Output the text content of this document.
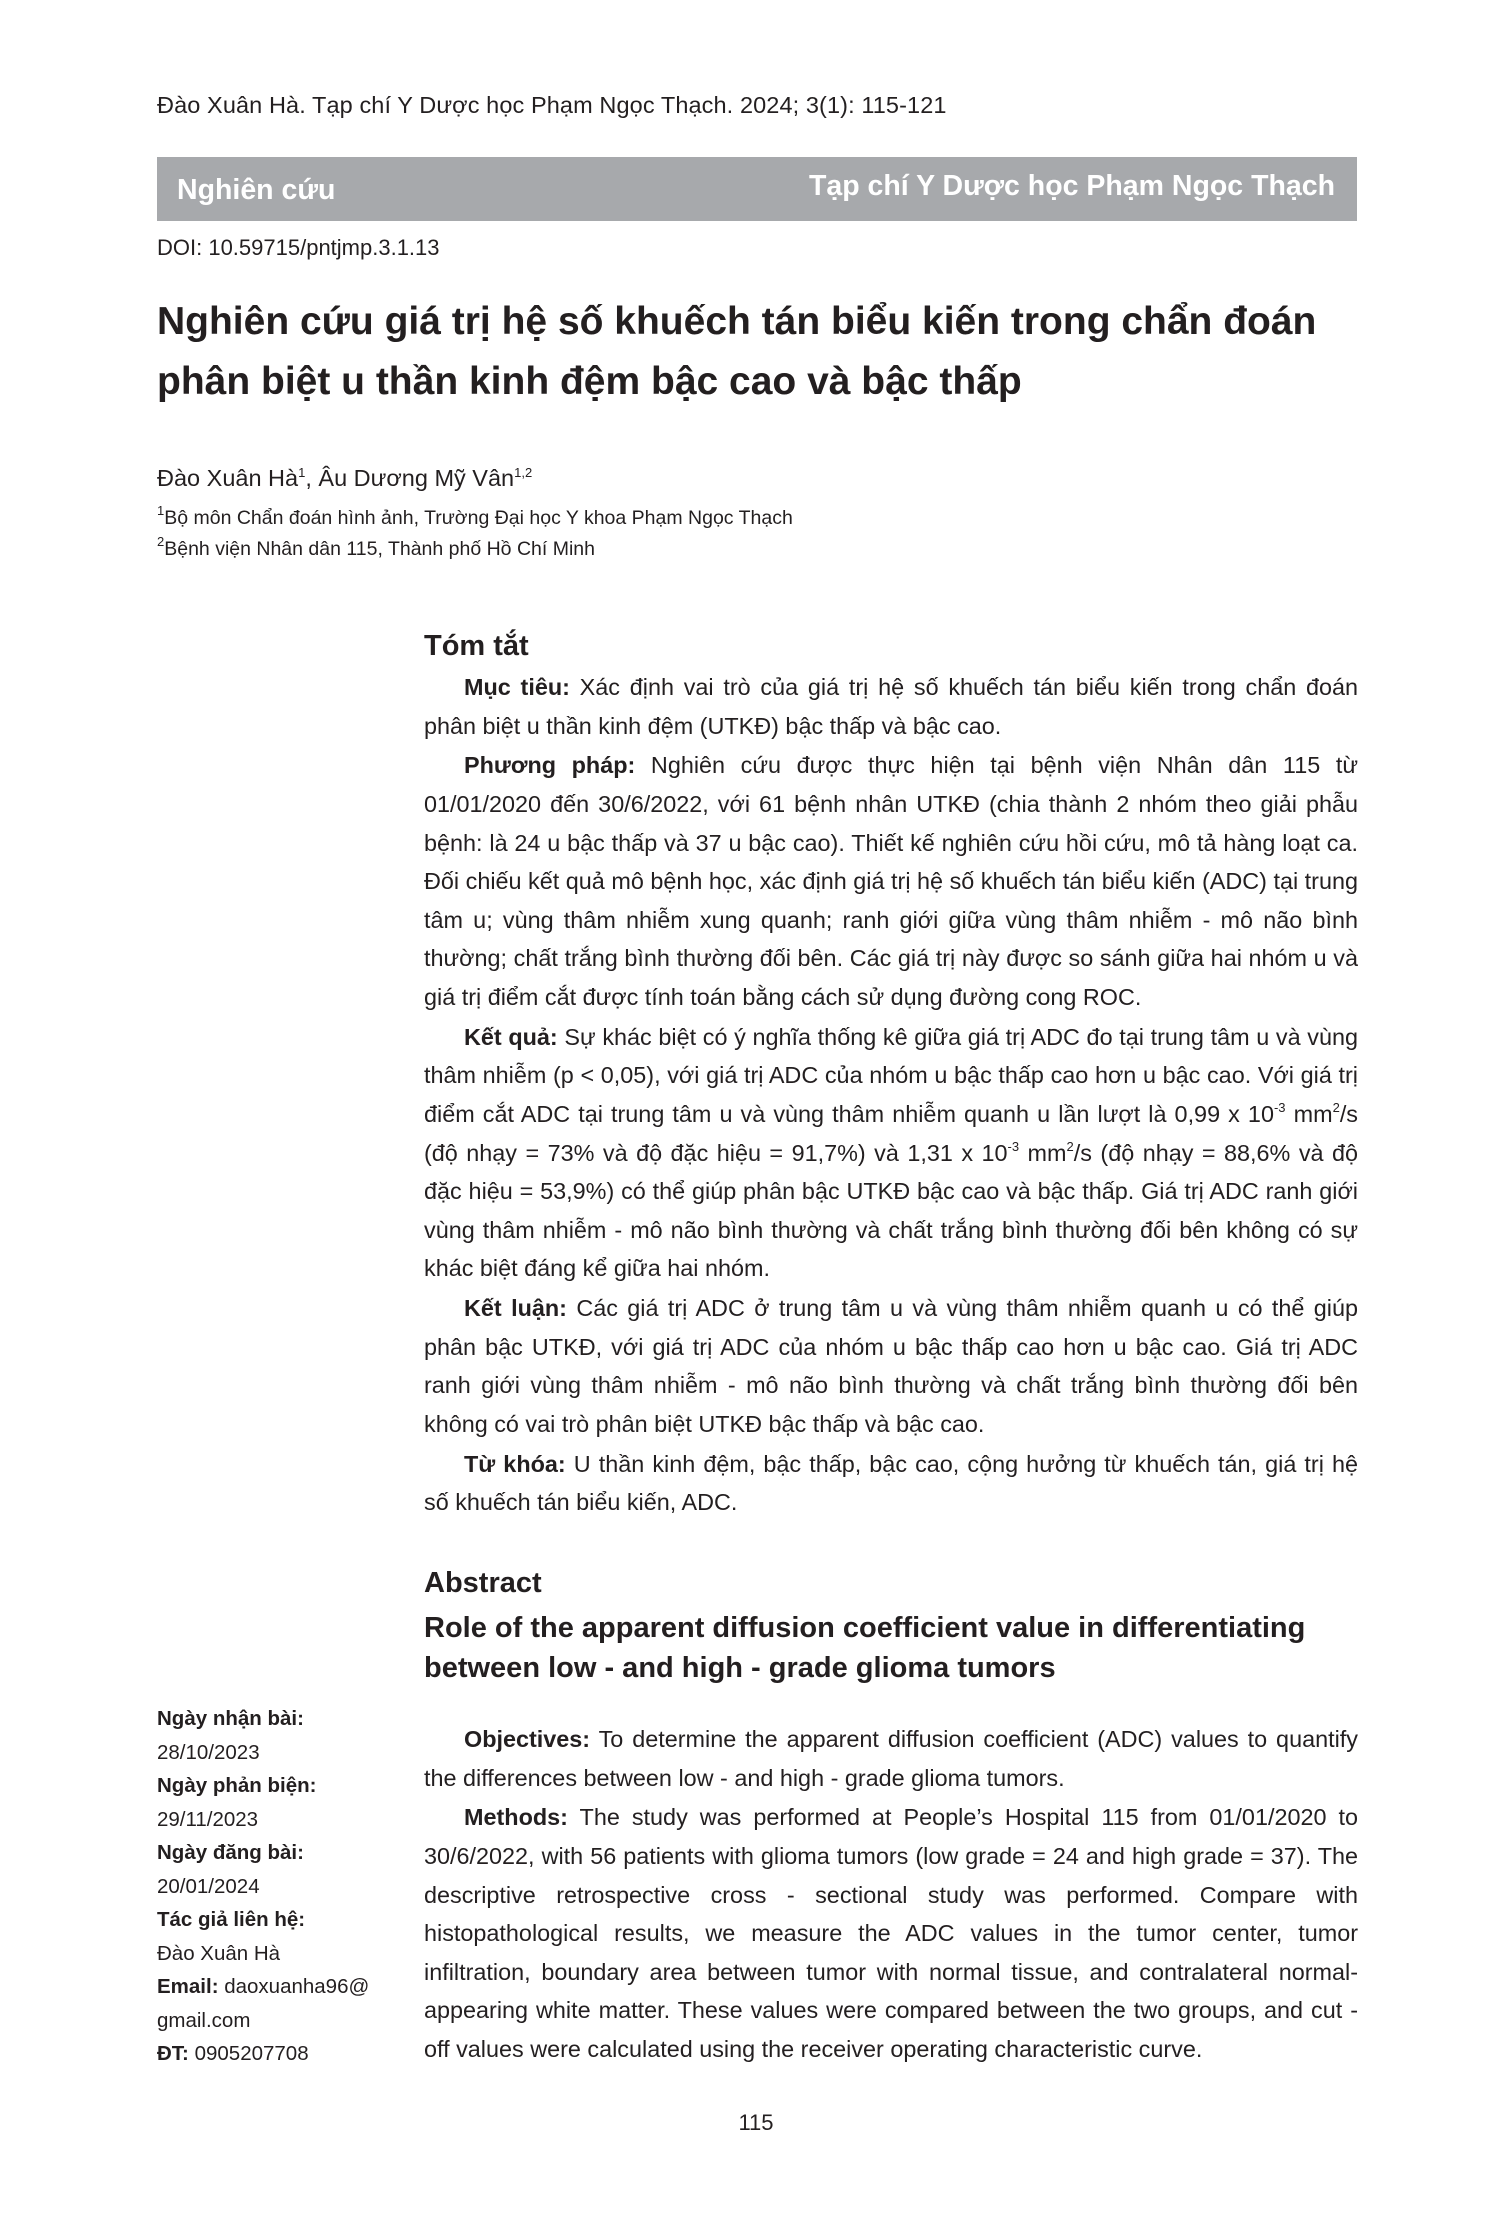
Đào Xuân Hà. Tạp chí Y Dược học Phạm Ngọc Thạch. 2024; 3(1): 115-121
Nghiên cứu	Tạp chí Y Dược học Phạm Ngọc Thạch
DOI: 10.59715/pntjmp.3.1.13
Nghiên cứu giá trị hệ số khuếch tán biểu kiến trong chẩn đoán phân biệt u thần kinh đệm bậc cao và bậc thấp
Đào Xuân $Hà^1$, Âu Dương Mỹ Vân$^{1,2}$
$^1$Bộ môn Chẩn đoán hình ảnh, Trường Đại học Y khoa Phạm Ngọc Thạch
$^2$Bệnh viện Nhân dân 115, Thành phố Hồ Chí Minh
Tóm tắt

Mục tiêu: Xác định vai trò của giá trị hệ số khuếch tán biểu kiến trong chẩn đoán phân biệt u thần kinh đệm (UTKĐ) bậc thấp và bậc cao.

Phương pháp: Nghiên cứu được thực hiện tại bệnh viện Nhân dân 115 từ 01/01/2020 đến 30/6/2022, với 61 bệnh nhân UTKĐ (chia thành 2 nhóm theo giải phẫu bệnh: là 24 u bậc thấp và 37 u bậc cao). Thiết kế nghiên cứu hồi cứu, mô tả hàng loạt ca. Đối chiếu kết quả mô bệnh học, xác định giá trị hệ số khuếch tán biểu kiến (ADC) tại trung tâm u; vùng thâm nhiễm xung quanh; ranh giới giữa vùng thâm nhiễm - mô não bình thường; chất trắng bình thường đối bên. Các giá trị này được so sánh giữa hai nhóm u và giá trị điểm cắt được tính toán bằng cách sử dụng đường cong ROC.

Kết quả: Sự khác biệt có ý nghĩa thống kê giữa giá trị ADC đo tại trung tâm u và vùng thâm nhiễm (p < 0,05), với giá trị ADC của nhóm u bậc thấp cao hơn u bậc cao. Với giá trị điểm cắt ADC tại trung tâm u và vùng thâm nhiễm quanh u lần lượt là 0,99 x $10^{-3}$ $mm^2/s$ (độ nhạy = 73% và độ đặc hiệu = 91,7%) và 1,31 x $10^{-3}$ $mm^2/s$ (độ nhạy = 88,6% và độ đặc hiệu = 53,9%) có thể giúp phân bậc UTKĐ bậc cao và bậc thấp. Giá trị ADC ranh giới vùng thâm nhiễm - mô não bình thường và chất trắng bình thường đối bên không có sự khác biệt đáng kể giữa hai nhóm.

Kết luận: Các giá trị ADC ở trung tâm u và vùng thâm nhiễm quanh u có thể giúp phân bậc UTKĐ, với giá trị ADC của nhóm u bậc thấp cao hơn u bậc cao. Giá trị ADC ranh giới vùng thâm nhiễm - mô não bình thường và chất trắng bình thường đối bên không có vai trò phân biệt UTKĐ bậc thấp và bậc cao.

Từ khóa: U thần kinh đệm, bậc thấp, bậc cao, cộng hưởng từ khuếch tán, giá trị hệ số khuếch tán biểu kiến, ADC.

Abstract
Role of the apparent diffusion coefficient value in differentiating between low - and high - grade glioma tumors

Objectives: To determine the apparent diffusion coefficient (ADC) values to quantify the differences between low - and high - grade glioma tumors.

Methods: The study was performed at People’s Hospital 115 from 01/01/2020 to 30/6/2022, with 56 patients with glioma tumors (low grade = 24 and high grade = 37). The descriptive retrospective cross - sectional study was performed. Compare with histopathological results, we measure the ADC values in the tumor center, tumor infiltration, boundary area between tumor with normal tissue, and contralateral normal-appearing white matter. These values were compared between the two groups, and cut - off values were calculated using the receiver operating characteristic curve.

Ngày nhận bài:
28/10/2023
Ngày phản biện:
29/11/2023
Ngày đăng bài:
20/01/2024
Tác giả liên hệ:
Đào Xuân Hà
Email: daoxuanha96@
gmail.com
ĐT: 0905207708
115
